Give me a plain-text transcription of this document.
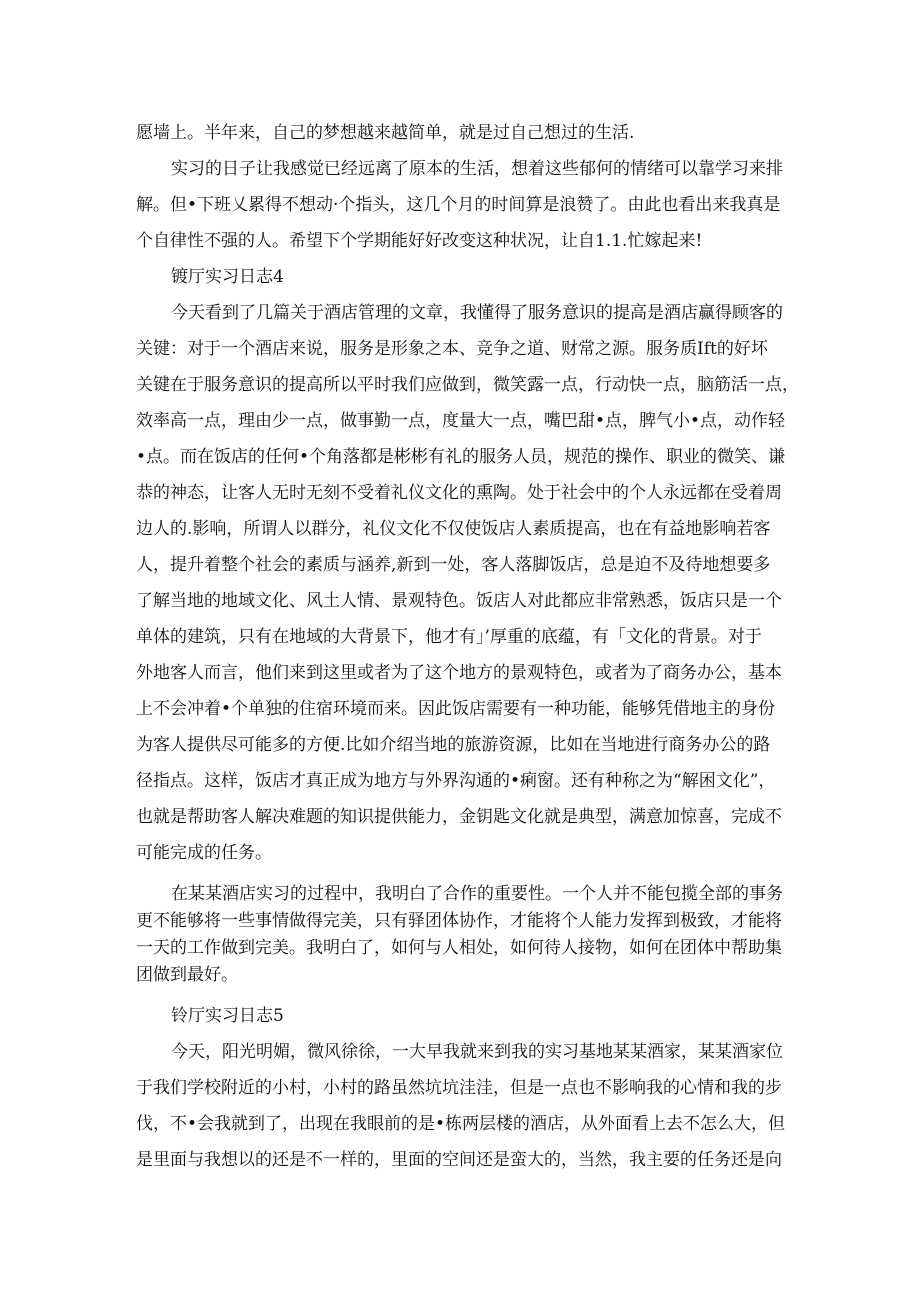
愿墙上。半年来，自己的梦想越来越简单，就是过自己想过的生活.
实习的日子让我感觉已经远离了原本的生活，想着这些郁何的情绪可以靠学习来排
解。但•下班乂累得不想动·个指头，这几个月的时间算是浪赞了。由此也看出来我真是
个自律性不强的人。希望下个学期能好好改变这种状况，让自1.1.忙嫁起来!
镀厅实习日志4
今天看到了几篇关于酒店管理的文章，我懂得了服务意识的提高是酒店赢得顾客的
关键：对于一个酒店来说，服务是形象之本、竞争之道、财常之源。服务质Ift的好坏
关键在于服务意识的提高所以平时我们应做到，微笑露一点，行动快一点，脑筋活一点，
效率高一点，理由少一点，做事勤一点，度量大一点，嘴巴甜•点，脾气小•点，动作轻
•点。而在饭店的任何•个角落都是彬彬有礼的服务人员，规范的操作、职业的微笑、谦
恭的神态，让客人无时无刻不受着礼仪文化的熏陶。处于社会中的个人永远都在受着周
边人的.影响，所谓人以群分，礼仪文化不仅使饭店人素质提高，也在有益地影响若客
人，提升着整个社会的素质与涵养,新到一处，客人落脚饭店，总是迫不及待地想要多
了解当地的地域文化、风土人情、景观特色。饭店人对此都应非常熟悉，饭店只是一个
单体的建筑，只有在地域的大背景下，他才有」’厚重的底蕴，有「文化的背景。对于
外地客人而言，他们来到这里或者为了这个地方的景观特色，或者为了商务办公，基本
上不会冲着•个单独的住宿环境而来。因此饭店需要有一种功能，能够凭借地主的身份
为客人提供尽可能多的方便.比如介绍当地的旅游资源，比如在当地进行商务办公的路
径指点。这样，饭店才真正成为地方与外界沟通的•痢窗。还有种称之为“解困文化”，
也就是帮助客人解决难题的知识提供能力，金钥匙文化就是典型，满意加惊喜，完成不
可能完成的任务。
在某某酒店实习的过程中，我明白了合作的重要性。一个人并不能包揽全部的事务
更不能够将一些事情做得完美，只有驿团体协作，才能将个人能力发挥到极致，才能将
一天的工作做到完美。我明白了，如何与人相处，如何待人接物，如何在团体中帮助集
团做到最好。
铃厅实习日志5
今天，阳光明媚，微风徐徐，一大早我就来到我的实习基地某某酒家，某某酒家位
于我们学校附近的小村，小村的路虽然坑坑洼洼，但是一点也不影响我的心情和我的步
伐，不•会我就到了，出现在我眼前的是•栋两层楼的酒店，从外面看上去不怎么大，但
是里面与我想以的还是不一样的，里面的空间还是蛮大的，当然，我主要的任务还是向
